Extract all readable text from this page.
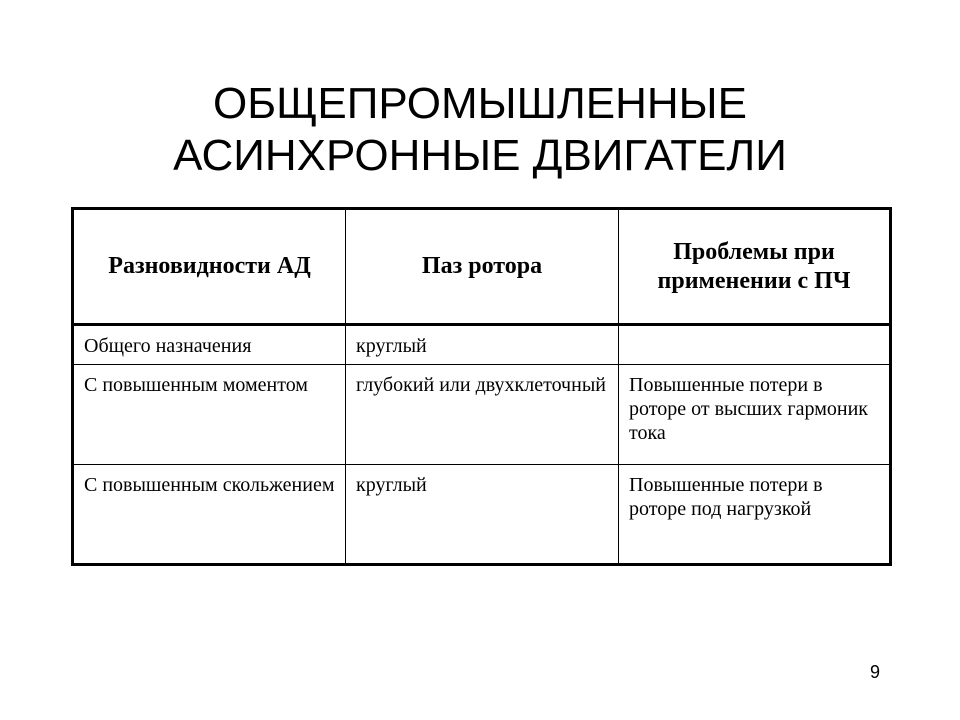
ОБЩЕПРОМЫШЛЕННЫЕ
АСИНХРОННЫЕ ДВИГАТЕЛИ
Разновидности АД	Паз ротора	Проблемы при применении с ПЧ
Общего назначения	круглый	
С повышенным моментом	глубокий или двухклеточный	Повышенные потери в роторе от высших гармоник тока
С повышенным скольжением	круглый	Повышенные потери в роторе под нагрузкой
9
